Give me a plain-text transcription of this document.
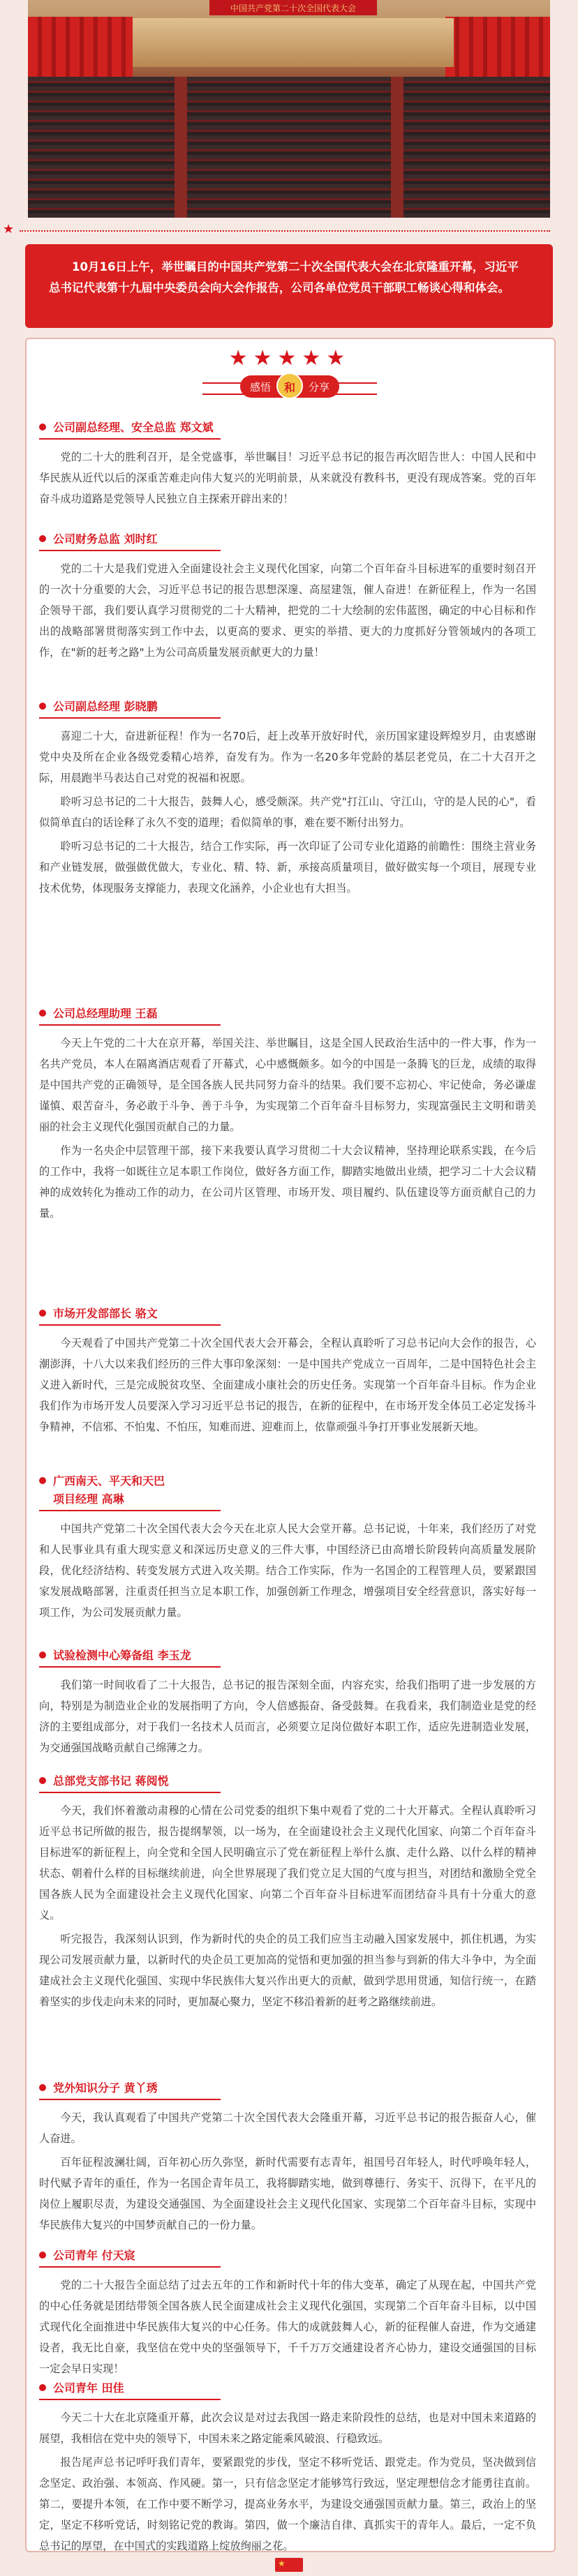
中国共产党第二十次全国代表大会
★

10月16日上午，举世瞩目的中国共产党第二十次全国代表大会在北京隆重开幕，习近平总书记代表第十九届中央委员会向大会作报告，公司各单位党员干部职工畅谈心得和体会。

★★★★★
感悟	分享
和
公司副总经理、安全总监 郑文斌

党的二十大的胜利召开，是全党盛事，举世瞩目！习近平总书记的报告再次昭告世人：中国人民和中华民族从近代以后的深重苦难走向伟大复兴的光明前景，从来就没有教科书，更没有现成答案。党的百年奋斗成功道路是党领导人民独立自主探索开辟出来的！

公司财务总监 刘时红

党的二十大是我们党进入全面建设社会主义现代化国家，向第二个百年奋斗目标进军的重要时刻召开的一次十分重要的大会，习近平总书记的报告思想深邃、高屋建瓴，催人奋进！在新征程上，作为一名国企领导干部，我们要认真学习贯彻党的二十大精神，把党的二十大绘制的宏伟蓝图，确定的中心目标和作出的战略部署贯彻落实到工作中去，以更高的要求、更实的举措、更大的力度抓好分管领域内的各项工作，在"新的赶考之路"上为公司高质量发展贡献更大的力量！

公司副总经理 彭晓鹏

喜迎二十大，奋进新征程！作为一名70后，赶上改革开放好时代，亲历国家建设辉煌岁月，由衷感谢党中央及所在企业各级党委精心培养，奋发有为。作为一名20多年党龄的基层老党员，在二十大召开之际，用晨跑半马表达自己对党的祝福和祝愿。

聆听习总书记的二十大报告，鼓舞人心，感受颇深。共产党"打江山、守江山，守的是人民的心"，看似简单直白的话诠释了永久不变的道理；看似简单的事，难在要不断付出努力。

聆听习总书记的二十大报告，结合工作实际，再一次印证了公司专业化道路的前瞻性：围绕主营业务和产业链发展，做强做优做大，专业化、精、特、新，承接高质量项目，做好做实每一个项目，展现专业技术优势，体现服务支撑能力，表现文化涵养，小企业也有大担当。

公司总经理助理 王磊

今天上午党的二十大在京开幕，举国关注、举世瞩目，这是全国人民政治生活中的一件大事，作为一名共产党员，本人在隔离酒店观看了开幕式，心中感慨颇多。如今的中国是一条腾飞的巨龙，成绩的取得是中国共产党的正确领导，是全国各族人民共同努力奋斗的结果。我们要不忘初心、牢记使命，务必谦虚谨慎、艰苦奋斗，务必敢于斗争、善于斗争，为实现第二个百年奋斗目标努力，实现富强民主文明和谐美丽的社会主义现代化强国贡献自己的力量。

作为一名央企中层管理干部，接下来我要认真学习贯彻二十大会议精神，坚持理论联系实践，在今后的工作中，我将一如既往立足本职工作岗位，做好各方面工作，脚踏实地做出业绩，把学习二十大会议精神的成效转化为推动工作的动力，在公司片区管理、市场开发、项目履约、队伍建设等方面贡献自己的力量。

市场开发部部长 骆文

今天观看了中国共产党第二十次全国代表大会开幕会，全程认真聆听了习总书记向大会作的报告，心潮澎湃，十八大以来我们经历的三件大事印象深刻：一是中国共产党成立一百周年，二是中国特色社会主义进入新时代，三是完成脱贫攻坚、全面建成小康社会的历史任务。实现第一个百年奋斗目标。作为企业我们作为市场开发人员要深入学习习近平总书记的报告，在新的征程中，在市场开发全体员工必定发扬斗争精神，不信邪、不怕鬼、不怕压，知难而进、迎难而上，依靠顽强斗争打开事业发展新天地。

广西南天、平天和天巴
项目经理 高琳

中国共产党第二十次全国代表大会今天在北京人民大会堂开幕。总书记说，十年来，我们经历了对党和人民事业具有重大现实意义和深远历史意义的三件大事，中国经济已由高增长阶段转向高质量发展阶段，优化经济结构、转变发展方式进入攻关期。结合工作实际，作为一名国企的工程管理人员，要紧跟国家发展战略部署，注重责任担当立足本职工作，加强创新工作理念，增强项目安全经营意识，落实好每一项工作，为公司发展贡献力量。

试验检测中心筹备组 李玉龙

我们第一时间收看了二十大报告，总书记的报告深刻全面，内容充实，给我们指明了进一步发展的方向，特别是为制造业企业的发展指明了方向，令人倍感振奋、备受鼓舞。在我看来，我们制造业是党的经济的主要组成部分，对于我们一名技术人员而言，必须要立足岗位做好本职工作，适应先进制造业发展，为交通强国战略贡献自己绵薄之力。

总部党支部书记 蒋阅悦

今天，我们怀着激动肃穆的心情在公司党委的组织下集中观看了党的二十大开幕式。全程认真聆听习近平总书记所做的报告，报告提纲挈领，以一场为，在全面建设社会主义现代化国家、向第二个百年奋斗目标进军的新征程上，向全党和全国人民明确宣示了党在新征程上举什么旗、走什么路、以什么样的精神状态、朝着什么样的目标继续前进，向全世界展现了我们党立足大国的气度与担当，对团结和激励全党全国各族人民为全面建设社会主义现代化国家、向第二个百年奋斗目标进军而团结奋斗具有十分重大的意义。

听完报告，我深刻认识到，作为新时代的央企的员工我们应当主动融入国家发展中，抓住机遇，为实现公司发展贡献力量，以新时代的央企员工更加高的觉悟和更加强的担当参与到新的伟大斗争中，为全面建成社会主义现代化强国、实现中华民族伟大复兴作出更大的贡献，做到学思用贯通，知信行统一，在踏着坚实的步伐走向未来的同时，更加凝心聚力，坚定不移沿着新的赶考之路继续前进。

党外知识分子 黄丫琇

今天，我认真观看了中国共产党第二十次全国代表大会隆重开幕，习近平总书记的报告振奋人心，催人奋进。

百年征程波澜壮阔，百年初心历久弥坚，新时代需要有志青年，祖国号召年轻人，时代呼唤年轻人，时代赋予青年的重任，作为一名国企青年员工，我将脚踏实地，做到尊德行、务实干、沉得下，在平凡的岗位上履职尽责，为建设交通强国、为全面建设社会主义现代化国家、实现第二个百年奋斗目标，实现中华民族伟大复兴的中国梦贡献自己的一份力量。

公司青年 付天宸

党的二十大报告全面总结了过去五年的工作和新时代十年的伟大变革，确定了从现在起，中国共产党的中心任务就是团结带领全国各族人民全面建成社会主义现代化强国，实现第二个百年奋斗目标，以中国式现代化全面推进中华民族伟大复兴的中心任务。伟大的成就鼓舞人心，新的征程催人奋进，作为交通建设者，我无比自豪，我坚信在党中央的坚强领导下，千千万万交通建设者齐心协力，建设交通强国的目标一定会早日实现！

公司青年 田佳

今天二十大在北京隆重开幕，此次会议是对过去我国一路走来阶段性的总结，也是对中国未来道路的展望，我相信在党中央的领导下，中国未来之路定能乘风破浪、行稳致远。

报告尾声总书记呼吁我们青年，要紧跟党的步伐，坚定不移听党话、跟党走。作为党员，坚决做到信念坚定、政治强、本领高、作风硬。第一，只有信念坚定才能够笃行致远，坚定理想信念才能勇往直前。第二，要提升本领，在工作中要不断学习，提高业务水平，为建设交通强国贡献力量。第三，政治上的坚定，坚定不移听党话，时刻铭记党的教诲。第四，做一个廉洁自律、真抓实干的青年人。最后，一定不负总书记的厚望，在中国式的实践道路上绽放绚丽之花。

★
